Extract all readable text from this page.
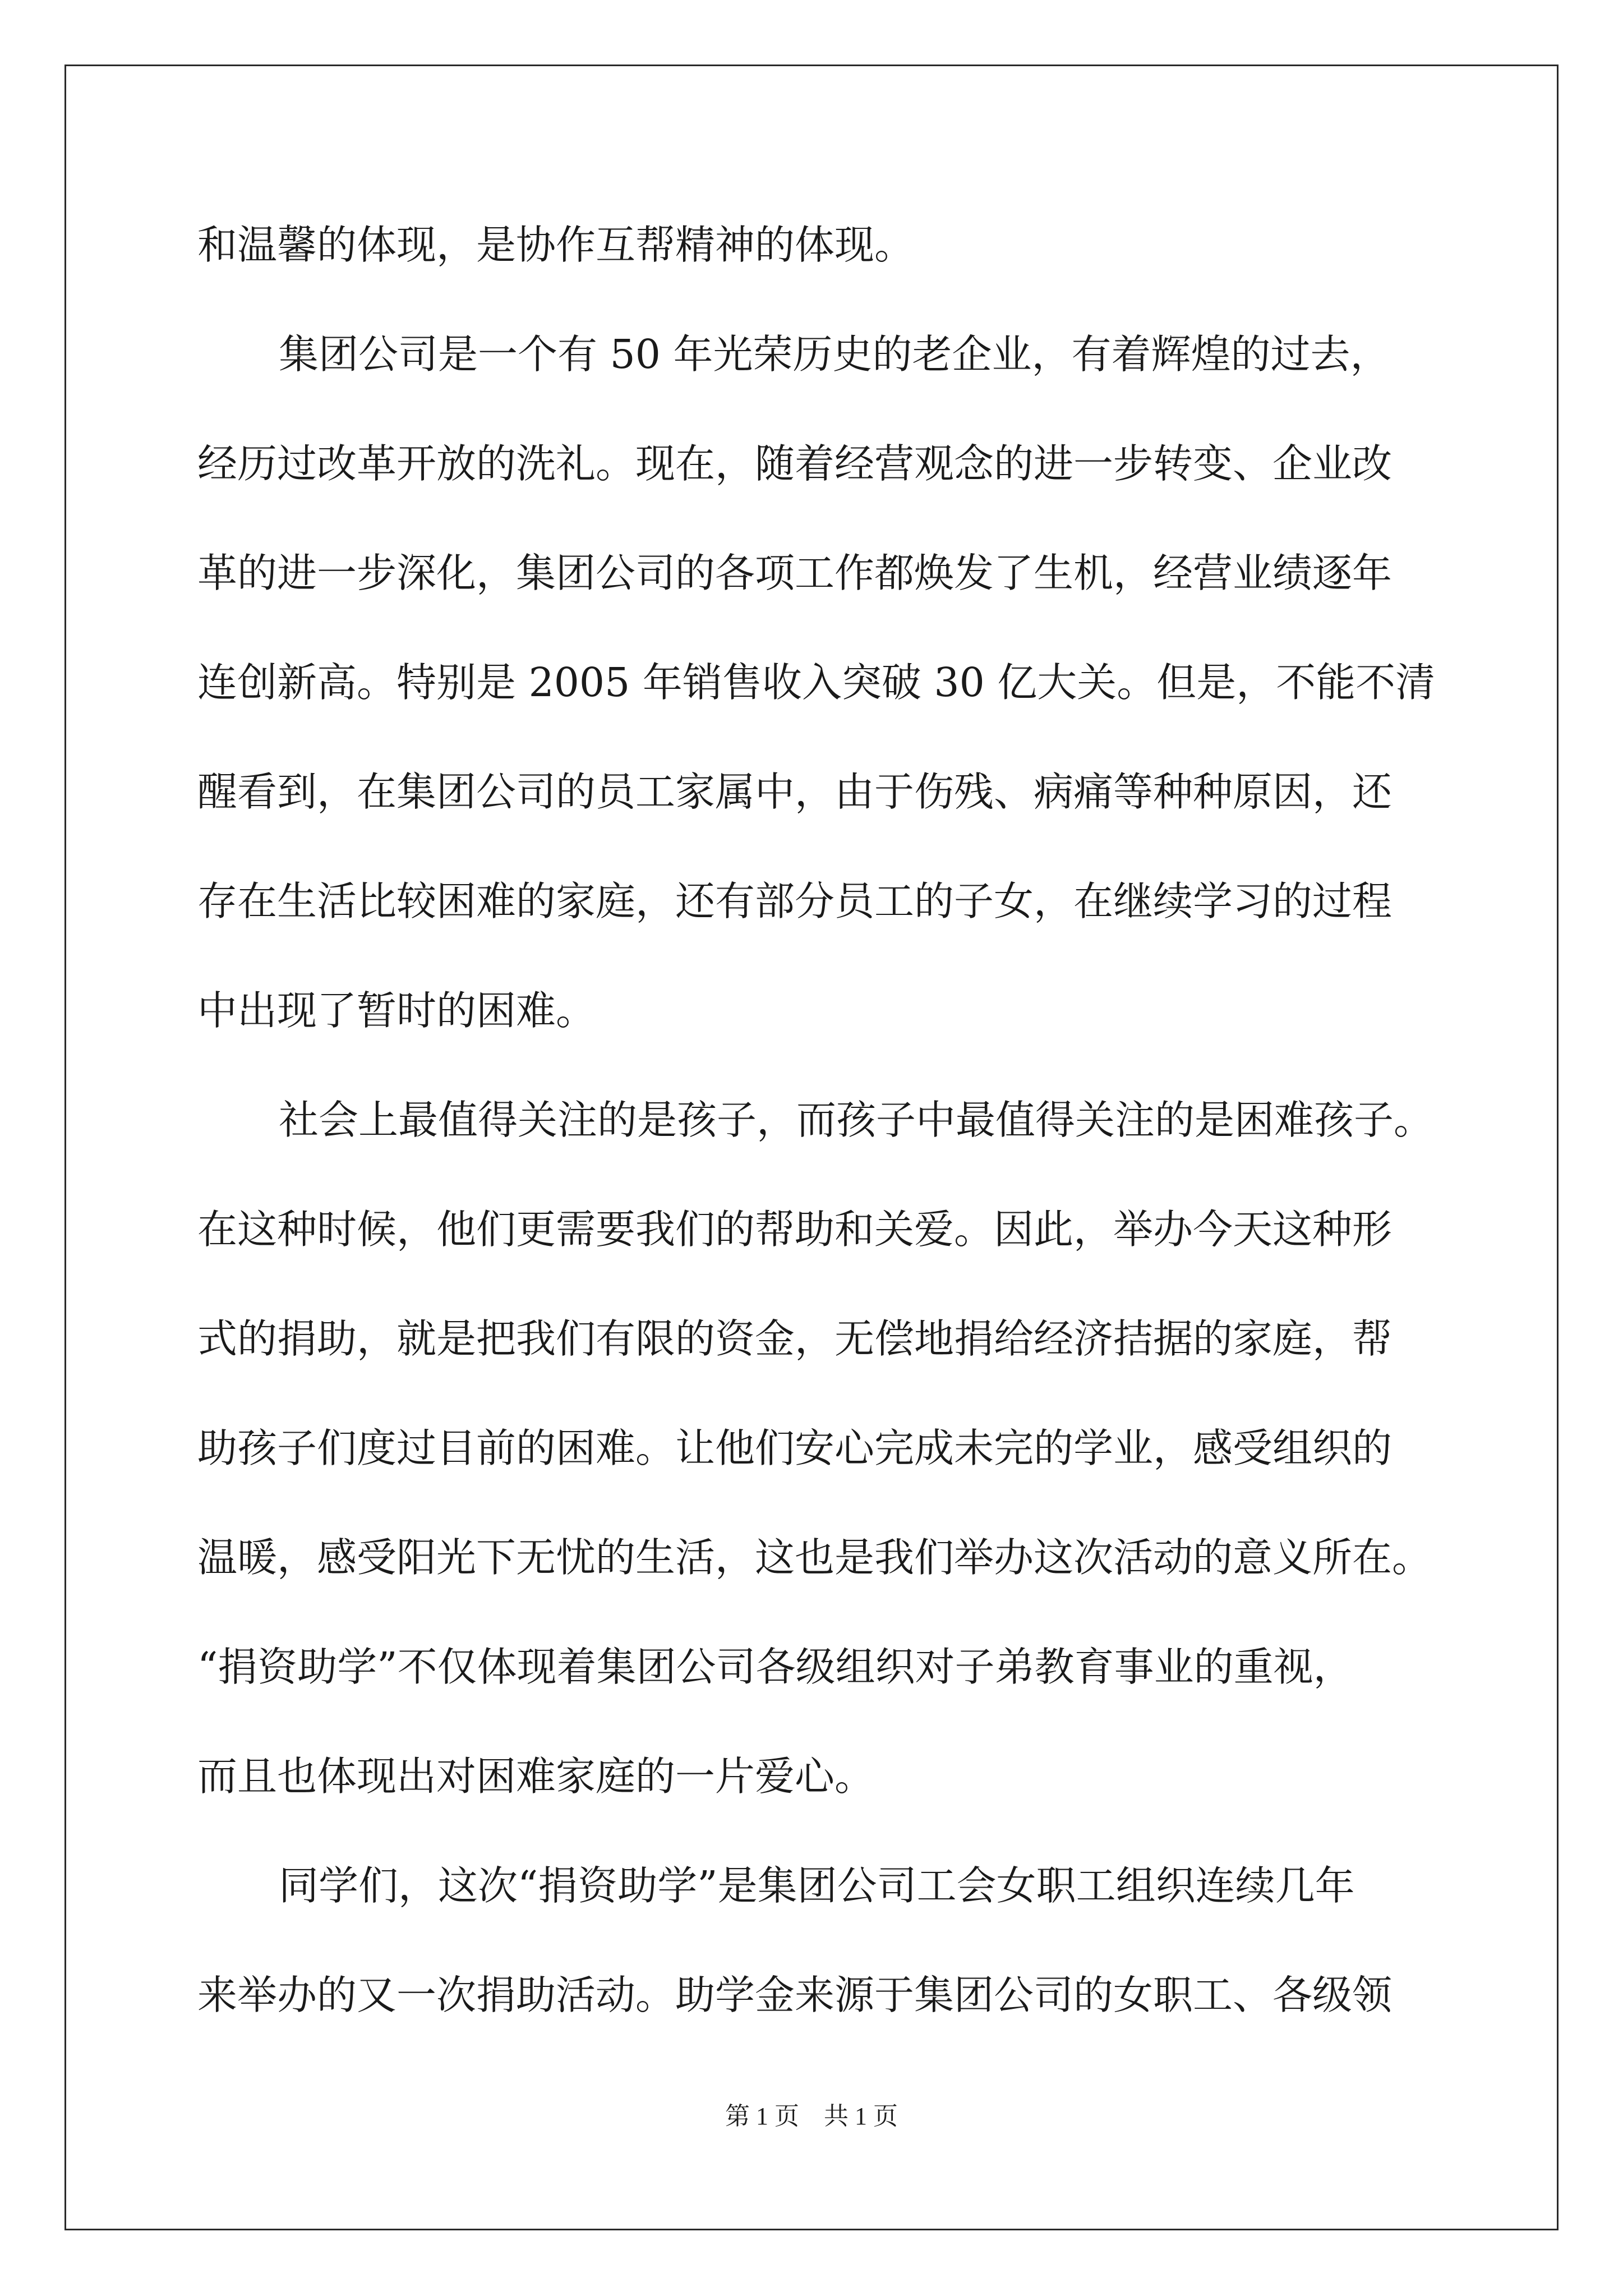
和温馨的体现，是协作互帮精神的体现。

集团公司是一个有 50 年光荣历史的老企业，有着辉煌的过去，

经历过改革开放的洗礼。现在，随着经营观念的进一步转变、企业改

革的进一步深化，集团公司的各项工作都焕发了生机，经营业绩逐年

连创新高。特别是 2005 年销售收入突破 30 亿大关。但是，不能不清

醒看到，在集团公司的员工家属中，由于伤残、病痛等种种原因，还

存在生活比较困难的家庭，还有部分员工的子女，在继续学习的过程

中出现了暂时的困难。

社会上最值得关注的是孩子，而孩子中最值得关注的是困难孩子。

在这种时候，他们更需要我们的帮助和关爱。因此，举办今天这种形

式的捐助，就是把我们有限的资金，无偿地捐给经济拮据的家庭，帮

助孩子们度过目前的困难。让他们安心完成未完的学业，感受组织的

温暖，感受阳光下无忧的生活，这也是我们举办这次活动的意义所在。

“捐资助学”不仅体现着集团公司各级组织对子弟教育事业的重视，

而且也体现出对困难家庭的一片爱心。

同学们，这次“捐资助学”是集团公司工会女职工组织连续几年

来举办的又一次捐助活动。助学金来源于集团公司的女职工、各级领

第 1 页 共 1 页
